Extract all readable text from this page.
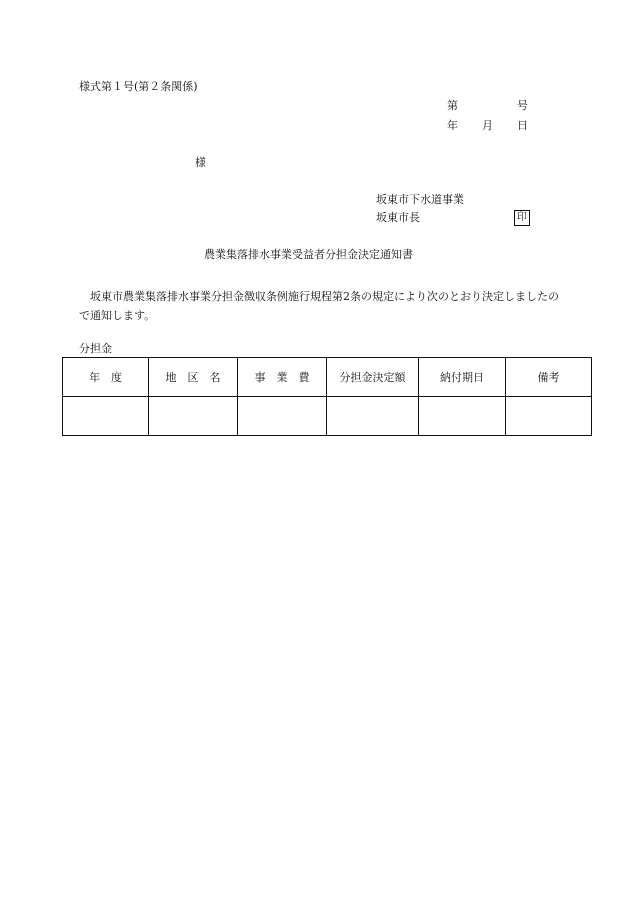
様式第１号(第２条関係)
第	号
年 月 日
様
坂東市下水道事業
坂東市長	印
農業集落排水事業受益者分担金決定通知書
坂東市農業集落排水事業分担金徴収条例施行規程第2条の規定により次のとおり決定しましたので通知します。
分担金
年　度	地　区　名	事　業　費	分担金決定額	納付期日	備考
